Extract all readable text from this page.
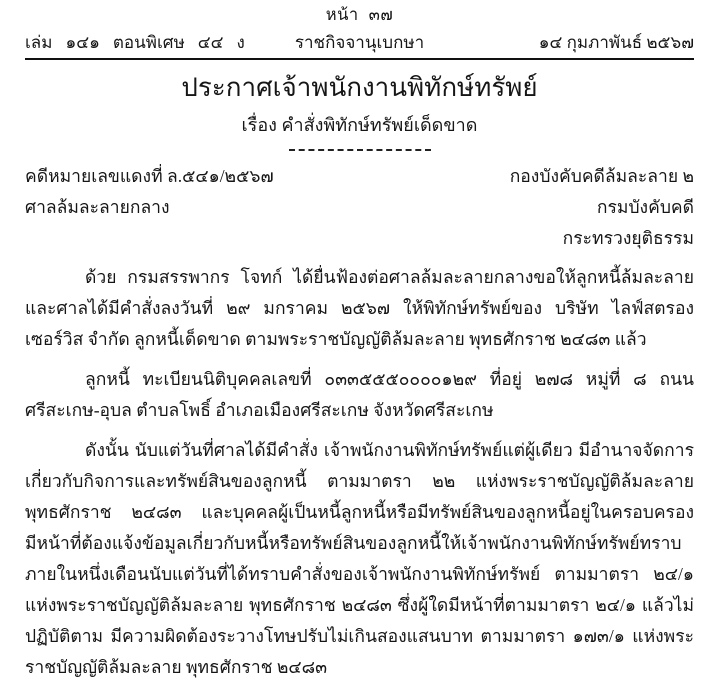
หน้า ๓๗
เล่ม ๑๔๑ ตอนพิเศษ ๔๔ ง	ราชกิจจานุเบกษา	๑๔ กุมภาพันธ์ ๒๕๖๗
ประกาศเจ้าพนักงานพิทักษ์ทรัพย์
เรื่อง คำสั่งพิทักษ์ทรัพย์เด็ดขาด
คดีหมายเลขแดงที่ ล.๕๔๑/๒๕๖๗
ศาลล้มละลายกลาง
กองบังคับคดีล้มละลาย ๒
กรมบังคับคดี
กระทรวงยุติธรรม

ด้วย กรมสรรพากร โจทก์ ได้ยื่นฟ้องต่อศาลล้มละลายกลางขอให้ลูกหนี้ล้มละลาย และศาลได้มีคำสั่งลงวันที่ ๒๙ มกราคม ๒๕๖๗ ให้พิทักษ์ทรัพย์ของ บริษัท ไลฟ์สตรอง เซอร์วิส จำกัด ลูกหนี้เด็ดขาด ตามพระราชบัญญัติล้มละลาย พุทธศักราช ๒๔๘๓ แล้ว

ลูกหนี้ ทะเบียนนิติบุคคลเลขที่ ๐๓๓๕๕๕๐๐๐๐๑๒๙ ที่อยู่ ๒๗๘ หมู่ที่ ๘ ถนนศรีสะเกษ-อุบล ตำบลโพธิ์ อำเภอเมืองศรีสะเกษ จังหวัดศรีสะเกษ

ดังนั้น นับแต่วันที่ศาลได้มีคำสั่ง เจ้าพนักงานพิทักษ์ทรัพย์แต่ผู้เดียว มีอำนาจจัดการเกี่ยวกับกิจการและทรัพย์สินของลูกหนี้ ตามมาตรา ๒๒ แห่งพระราชบัญญัติล้มละลาย พุทธศักราช ๒๔๘๓ และบุคคลผู้เป็นหนี้ลูกหนี้หรือมีทรัพย์สินของลูกหนี้อยู่ในครอบครอง มีหน้าที่ต้องแจ้งข้อมูลเกี่ยวกับหนี้หรือทรัพย์สินของลูกหนี้ให้เจ้าพนักงานพิทักษ์ทรัพย์ทราบ ภายในหนึ่งเดือนนับแต่วันที่ได้ทราบคำสั่งของเจ้าพนักงานพิทักษ์ทรัพย์ ตามมาตรา ๒๔/๑ แห่งพระราชบัญญัติล้มละลาย พุทธศักราช ๒๔๘๓ ซึ่งผู้ใดมีหน้าที่ตามมาตรา ๒๔/๑ แล้วไม่ปฏิบัติตาม มีความผิดต้องระวางโทษปรับไม่เกินสองแสนบาท ตามมาตรา ๑๗๓/๑ แห่งพระราชบัญญัติล้มละลาย พุทธศักราช ๒๔๘๓
